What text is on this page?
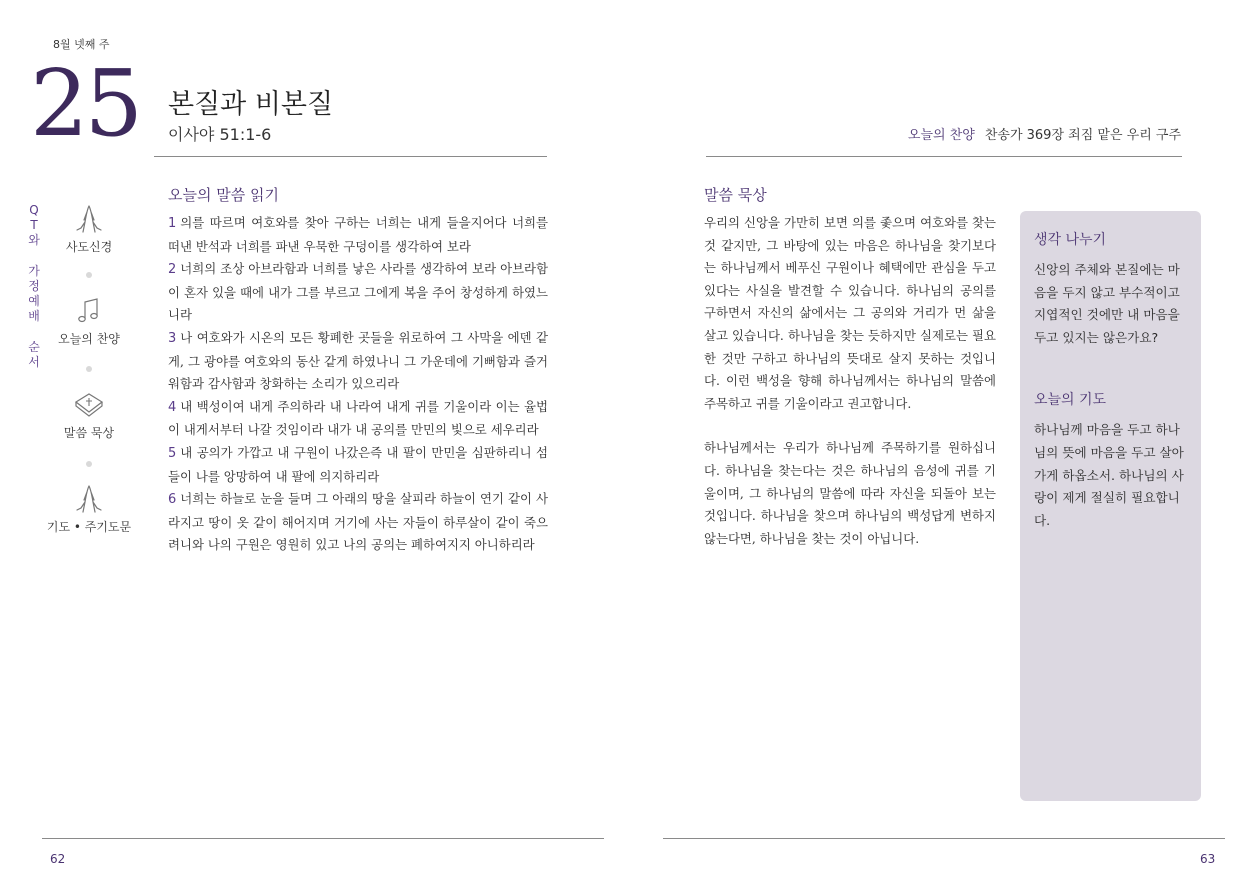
8월 넷째 주
25 본질과 비본질
이사야 51:1-6	오늘의 찬양 찬송가 369장 죄짐 맡은 우리 구주
Q
T
와
가
정
예
배
순
서
사도신경
오늘의 찬양
말씀 묵상
기도 • 주기도문
오늘의 말씀 읽기
1 의를 따르며 여호와를 찾아 구하는 너희는 내게 들을지어다 너희를 떠낸 반석과 너희를 파낸 우묵한 구덩이를 생각하여 보라
2 너희의 조상 아브라함과 너희를 낳은 사라를 생각하여 보라 아브라함이 혼자 있을 때에 내가 그를 부르고 그에게 복을 주어 창성하게 하였느니라
3 나 여호와가 시온의 모든 황폐한 곳들을 위로하여 그 사막을 에덴 같게, 그 광야를 여호와의 동산 같게 하였나니 그 가운데에 기뻐함과 즐거워함과 감사함과 창화하는 소리가 있으리라
4 내 백성이여 내게 주의하라 내 나라여 내게 귀를 기울이라 이는 율법이 내게서부터 나갈 것임이라 내가 내 공의를 만민의 빛으로 세우리라
5 내 공의가 가깝고 내 구원이 나갔은즉 내 팔이 만민을 심판하리니 섬들이 나를 앙망하여 내 팔에 의지하리라
6 너희는 하늘로 눈을 들며 그 아래의 땅을 살피라 하늘이 연기 같이 사라지고 땅이 옷 같이 해어지며 거기에 사는 자들이 하루살이 같이 죽으려니와 나의 구원은 영원히 있고 나의 공의는 폐하여지지 아니하리라
말씀 묵상

우리의 신앙을 가만히 보면 의를 좇으며 여호와를 찾는 것 같지만, 그 바탕에 있는 마음은 하나님을 찾기보다는 하나님께서 베푸신 구원이나 혜택에만 관심을 두고 있다는 사실을 발견할 수 있습니다. 하나님의 공의를 구하면서 자신의 삶에서는 그 공의와 거리가 먼 삶을 살고 있습니다. 하나님을 찾는 듯하지만 실제로는 필요한 것만 구하고 하나님의 뜻대로 살지 못하는 것입니다. 이런 백성을 향해 하나님께서는 하나님의 말씀에 주목하고 귀를 기울이라고 권고합니다.

하나님께서는 우리가 하나님께 주목하기를 원하십니다. 하나님을 찾는다는 것은 하나님의 음성에 귀를 기울이며, 그 하나님의 말씀에 따라 자신을 되돌아 보는 것입니다. 하나님을 찾으며 하나님의 백성답게 변하지 않는다면, 하나님을 찾는 것이 아닙니다.

생각 나누기
신앙의 주체와 본질에는 마음을 두지 않고 부수적이고 지엽적인 것에만 내 마음을 두고 있지는 않은가요?
오늘의 기도
하나님께 마음을 두고 하나님의 뜻에 마음을 두고 살아가게 하옵소서. 하나님의 사랑이 제게 절실히 필요합니다.
62	63
